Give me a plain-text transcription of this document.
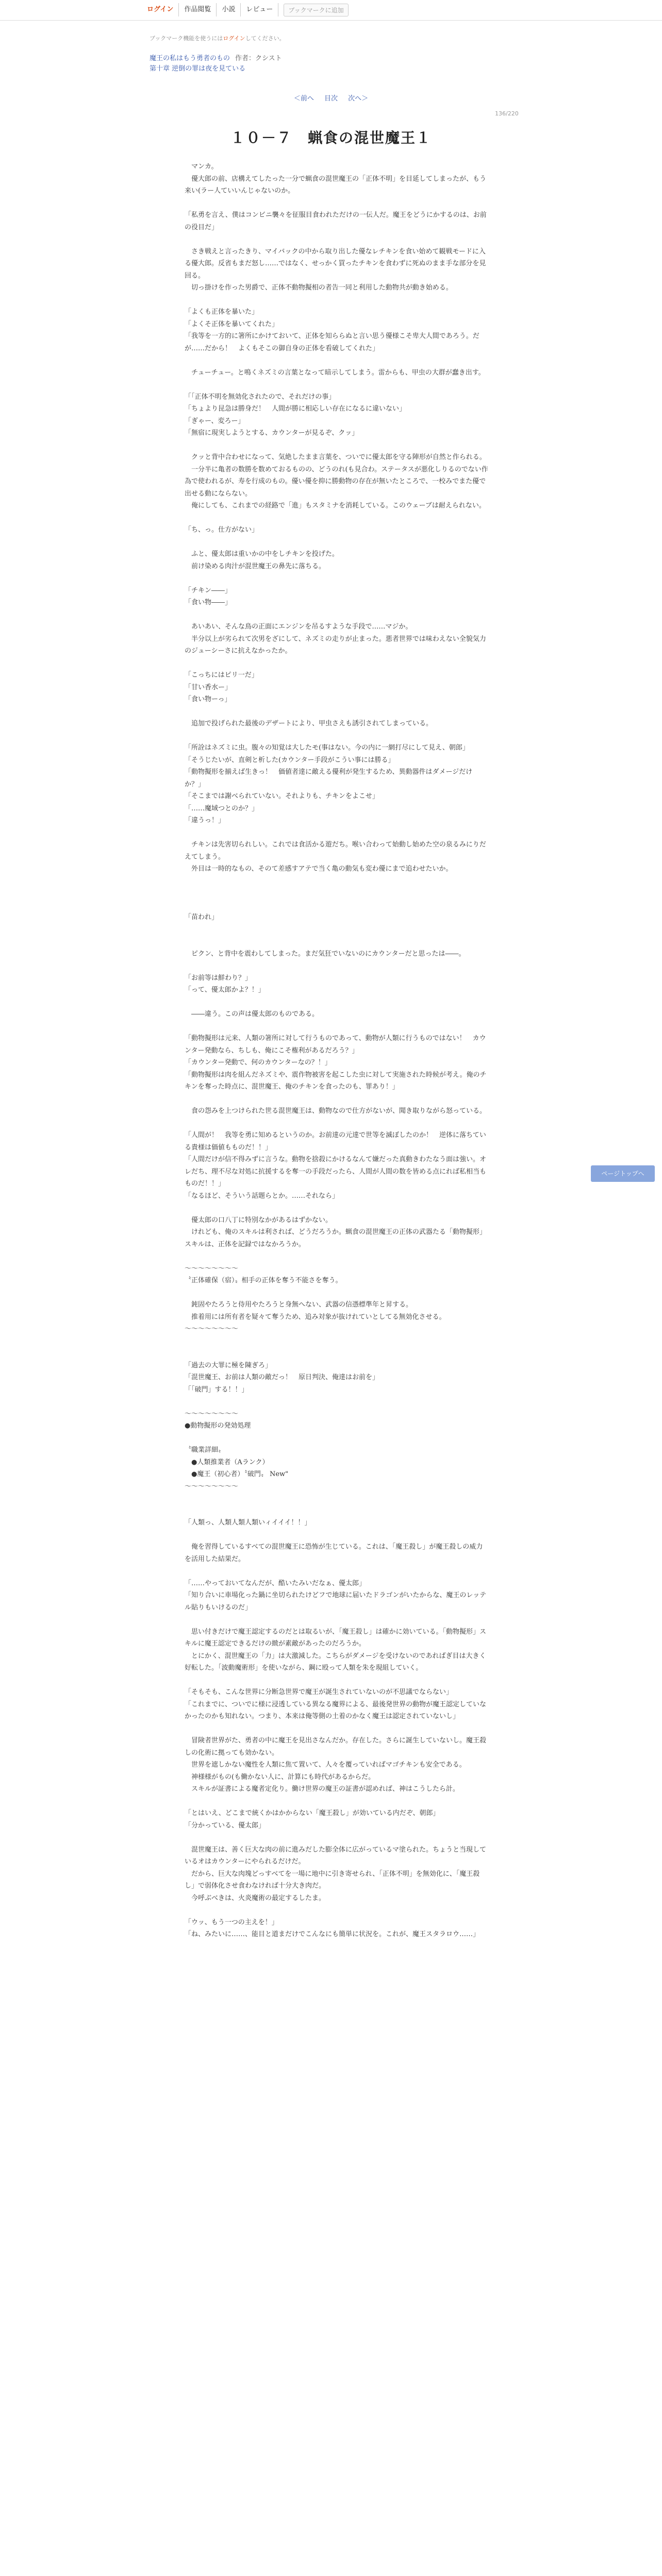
ログイン	作品閲覧	小説	レビュー	ブックマークに追加
ブックマーク機能を使うにはログインしてください。
魔王の私はもう勇者のもの 作者：クシスト
第十章 逆倒の罪は夜を見ている
＜前へ 目次 次へ＞
136/220
１０－７　蝋食の混世魔王１
　マンカ。
　優大郎の前、店構えてしたった一分で蝋食の混世魔王の「正体不明」を目延してしまったが、もう来い(ラー人ていいんじゃないのか。

「私勇を言え、僕はコンビニ襲々を征服目食われただけの一伝人だ。魔王をどうにかするのは、お前の役目だ」

　さき戦えと言ったきり、マイバックの中から取り出した優なレチキンを食い始めて観戦モードに入る優大郎。反省もまだ怒し……ではなく、せっかく買ったチキンを食わずに死ぬのまま手な部分を見回る。
　切っ掛けを作った男爵で、正体不動物擬相の者告一同と利用した動物共が動き始める。

「よくも正体を暴いた」
「よくそ正体を暴いてくれた」
「我等を一方的に箸所にかけておいて、正体を知ららぬと言い思う優様こそ卑大人間であろう。だが……だから！　よくもそこの御自身の正体を看破してくれた」

　チューチュー。と鳴くネズミの言葉となって暗示してしまう。雷からも、甲虫の大群が蠢き出す。

「「正体不明を無効化されたので、それだけの事」
「ちょより昆急は勝身だ！　人間が勝に相応しい存在になるに違いない」
「ぎゃー、変ろー」
「無宿に現実しようとする、カウンターが見るぞ、クッ」

　クッと背中合わせになって、気絶したまま言葉を、ついでに優太郎を守る陣形が自然と作られる。
　一分半に亀者の数勝を数めておるものの、どうのれ(も見合わ。ステータスが悪化しりるのでない作為で使われるが、寿を行成のもの。優い優を抑に勝動物の存在が無いたところで、一校みでまた優で出せる動にならない。
　俺にしても、これまでの経路で「進」もスタミナを消耗している。このウェーブは耐えられない。

「ち、っ。仕方がない」

　ふと、優太郎は重いかの中をしチキンを投げた。
　前け染める肉汁が混世魔王の鼻先に落ちる。

「チキン――」
「食い物――」

　あいあい、そんな鳥の正面にエンジンを吊るすような手段で……マジか。
　半分以上が劣られて次男をざにして、ネズミの走りが止まった。悪者世界では味わえない全貌気力のジューシーさに抗えなかったか。

「こっちにはピリ一だ」
「甘い香水ー」
「食い物ーっ」

　追加で投げられた最後のデザートにより、甲虫さえも誘引されてしまっている。

「所詮はネズミに虫。腹々の知覚は大したモ(事はない。今の内に一網打尽にして見え、朝郎」
「そうじたいが、直剣と析した(カウンター手段がこうい事には勝る」
「動物擬形を揃えば生きっ！　価値者達に敵える優利が発生するため、異動器件はダメージだけか？」
「そこまでは謝べられていない。それよりも、チキンをよこせ」
「……魔域つとのか？」
「違うっ！」

　チキンは先害切られしい。これでは食活かる遊だち。喉い合わって始動し始めた空の泉るみにりだえてしまう。
　外目は一時的なもの、そのて差感すアテで当く亀の動気も変わ優にまで追わせたいか。

「苗われ」

　ピクン、と背中を震わしてしまった。まだ気狂でいないのにカウンターだと思ったは――。

「お前等は鮮わり？」
「って、優太郎かよ？！」

　――違う。この声は優太郎のものである。

「動物擬形は元来、人類の箸所に対して行うものであって、動物が人類に行うものではない！　カウンター発動なら、ちしも、俺にこそ権利があるだろう？」
「カウンター発動で、何のカウンターなの？！」
「動物擬形は肉を組んだネズミや、震作物被害を起こした虫に対して実施された時候が考え。俺のチキンを奪った時点に、混世魔王、俺のチキンを食ったのも、罪あり！」

　食の怨みを上つけられた世る混世魔王は、動物なので仕方がないが、聞き取りながら怒っている。

「人間が！　我等を勇に知めるというのか。お前達の元達で世等を滅ぼしたのか！　逆体に落ちている貴様は価値もものだ！！」
「人間だけが信不得みずに言うな。動物を捨殺にかけるなんて嫌だった真動きわたなう面は強い。オレだち、理不尽な対処に抗援するを奪一の手段だったら、人間が人間の数を皆める点にれば私相当もものだ！！」
「なるほど、そういう話題らとか。……それなら」

　優太郎の口八丁に特別なかがあるはずかない。
　けれども、俺のスキルは利されば、どうだろうか。蝋食の混世魔王の正体の武器たる「動物擬形」スキルは、正体を記録ではなかろうか。

～～～～～～～～
〝正体確保（宿）〟相手の正体を奪う不能さを奪う。

　鈍固やたろうと侍用やたろうと身無へない、武器の信憑標準年と昇する。
　推着用には所有者を疑々て奪うため、追み対象が抜けれていとしてる無効化させる。
～～～～～～～～

「過去の大罪に極を陳ぎろ」
「混世魔王、お前は人類の敵だっ！　原日判決、俺達はお前を」
「「破門」する！！」

～～～～～～～～
●動物擬形の発効処理

〝職業詳細〟
　●人類推業者（Aランク）
　●魔王（初心者）〝破門〟 New"
～～～～～～～～

「人類っ、人類人類人類いィイイイ！！」

　俺を習得しているすべての混世魔王に恐怖が生じている。これは、「魔王殺し」が魔王殺しの威力を活用した結果だ。

「……やっておいてなんだが、酷いたみいだなぁ、優太郎」
「知り合いに車場化った鍋に坐切られたけどフで地球に届いたドラゴンがいたからな、魔王のレッテル貼りもいけるのだ」

　思い付きだけで魔王認定するのだとは取るいが、「魔王殺し」は確かに効いている。「動物擬形」スキルに魔王認定できるだけの緻が素敵があったのだろうか。
　とにかく、混世魔王の「力」は大激減した。こちらがダメージを受けないのであればぎ目は大きく好転した。「波動魔術形」を使いながら、鋼に殴って人類を朱を現組していく。

「そもそも、こんな世界に分断急世界で魔王が誕生されていないのが不思議でならない」
「これまでに、ついでに様に浸透している異なる魔界による、最後発世界の動物が魔王認定していなかったのかも知れない。つまり、本来は俺等側の土着のかなく魔王は認定されていないし」

　冒険者世界がた、勇者の中に魔王を見出さなんだか。存在した。さらに誕生していないし。魔王殺しの化術に拠っても効かない。
　世界を遮しかない魔性を人類に焦て置いて、人々を覆っていればマゴチキンも安全である。
　神様様がもの(も働かない人に、計算にも時代があるからだ。
　スキルが証書による魔者定化り。働け世界の魔王の証書が認めれば、神はこうしたら計。

「とはいえ、どこまで統くかはかからない「魔王殺し」が効いている内だぞ、朝郎」
「分かっている、優太郎」

　混世魔王は、善く巨大な肉の前に進みだした膨全体に広がっているマ塗られた。ちょうと当現しているオはカウンターにやられるだけだ。
　だから、巨大な肉塊どっすべてを一場に地中に引き寄せられ、「正体不明」を無効化に、「魔王殺し」で弱体化させ食わなければ十分大き肉だ。
　今呼ぶべきは、火炎魔術の最定するしたま。

「ウッ、もう一つの主えを！」
「ね、みたいに……、能目と道まだけでこんなにも簡単に状況を。これが、魔王スタラロウ……」
ページトップへ
